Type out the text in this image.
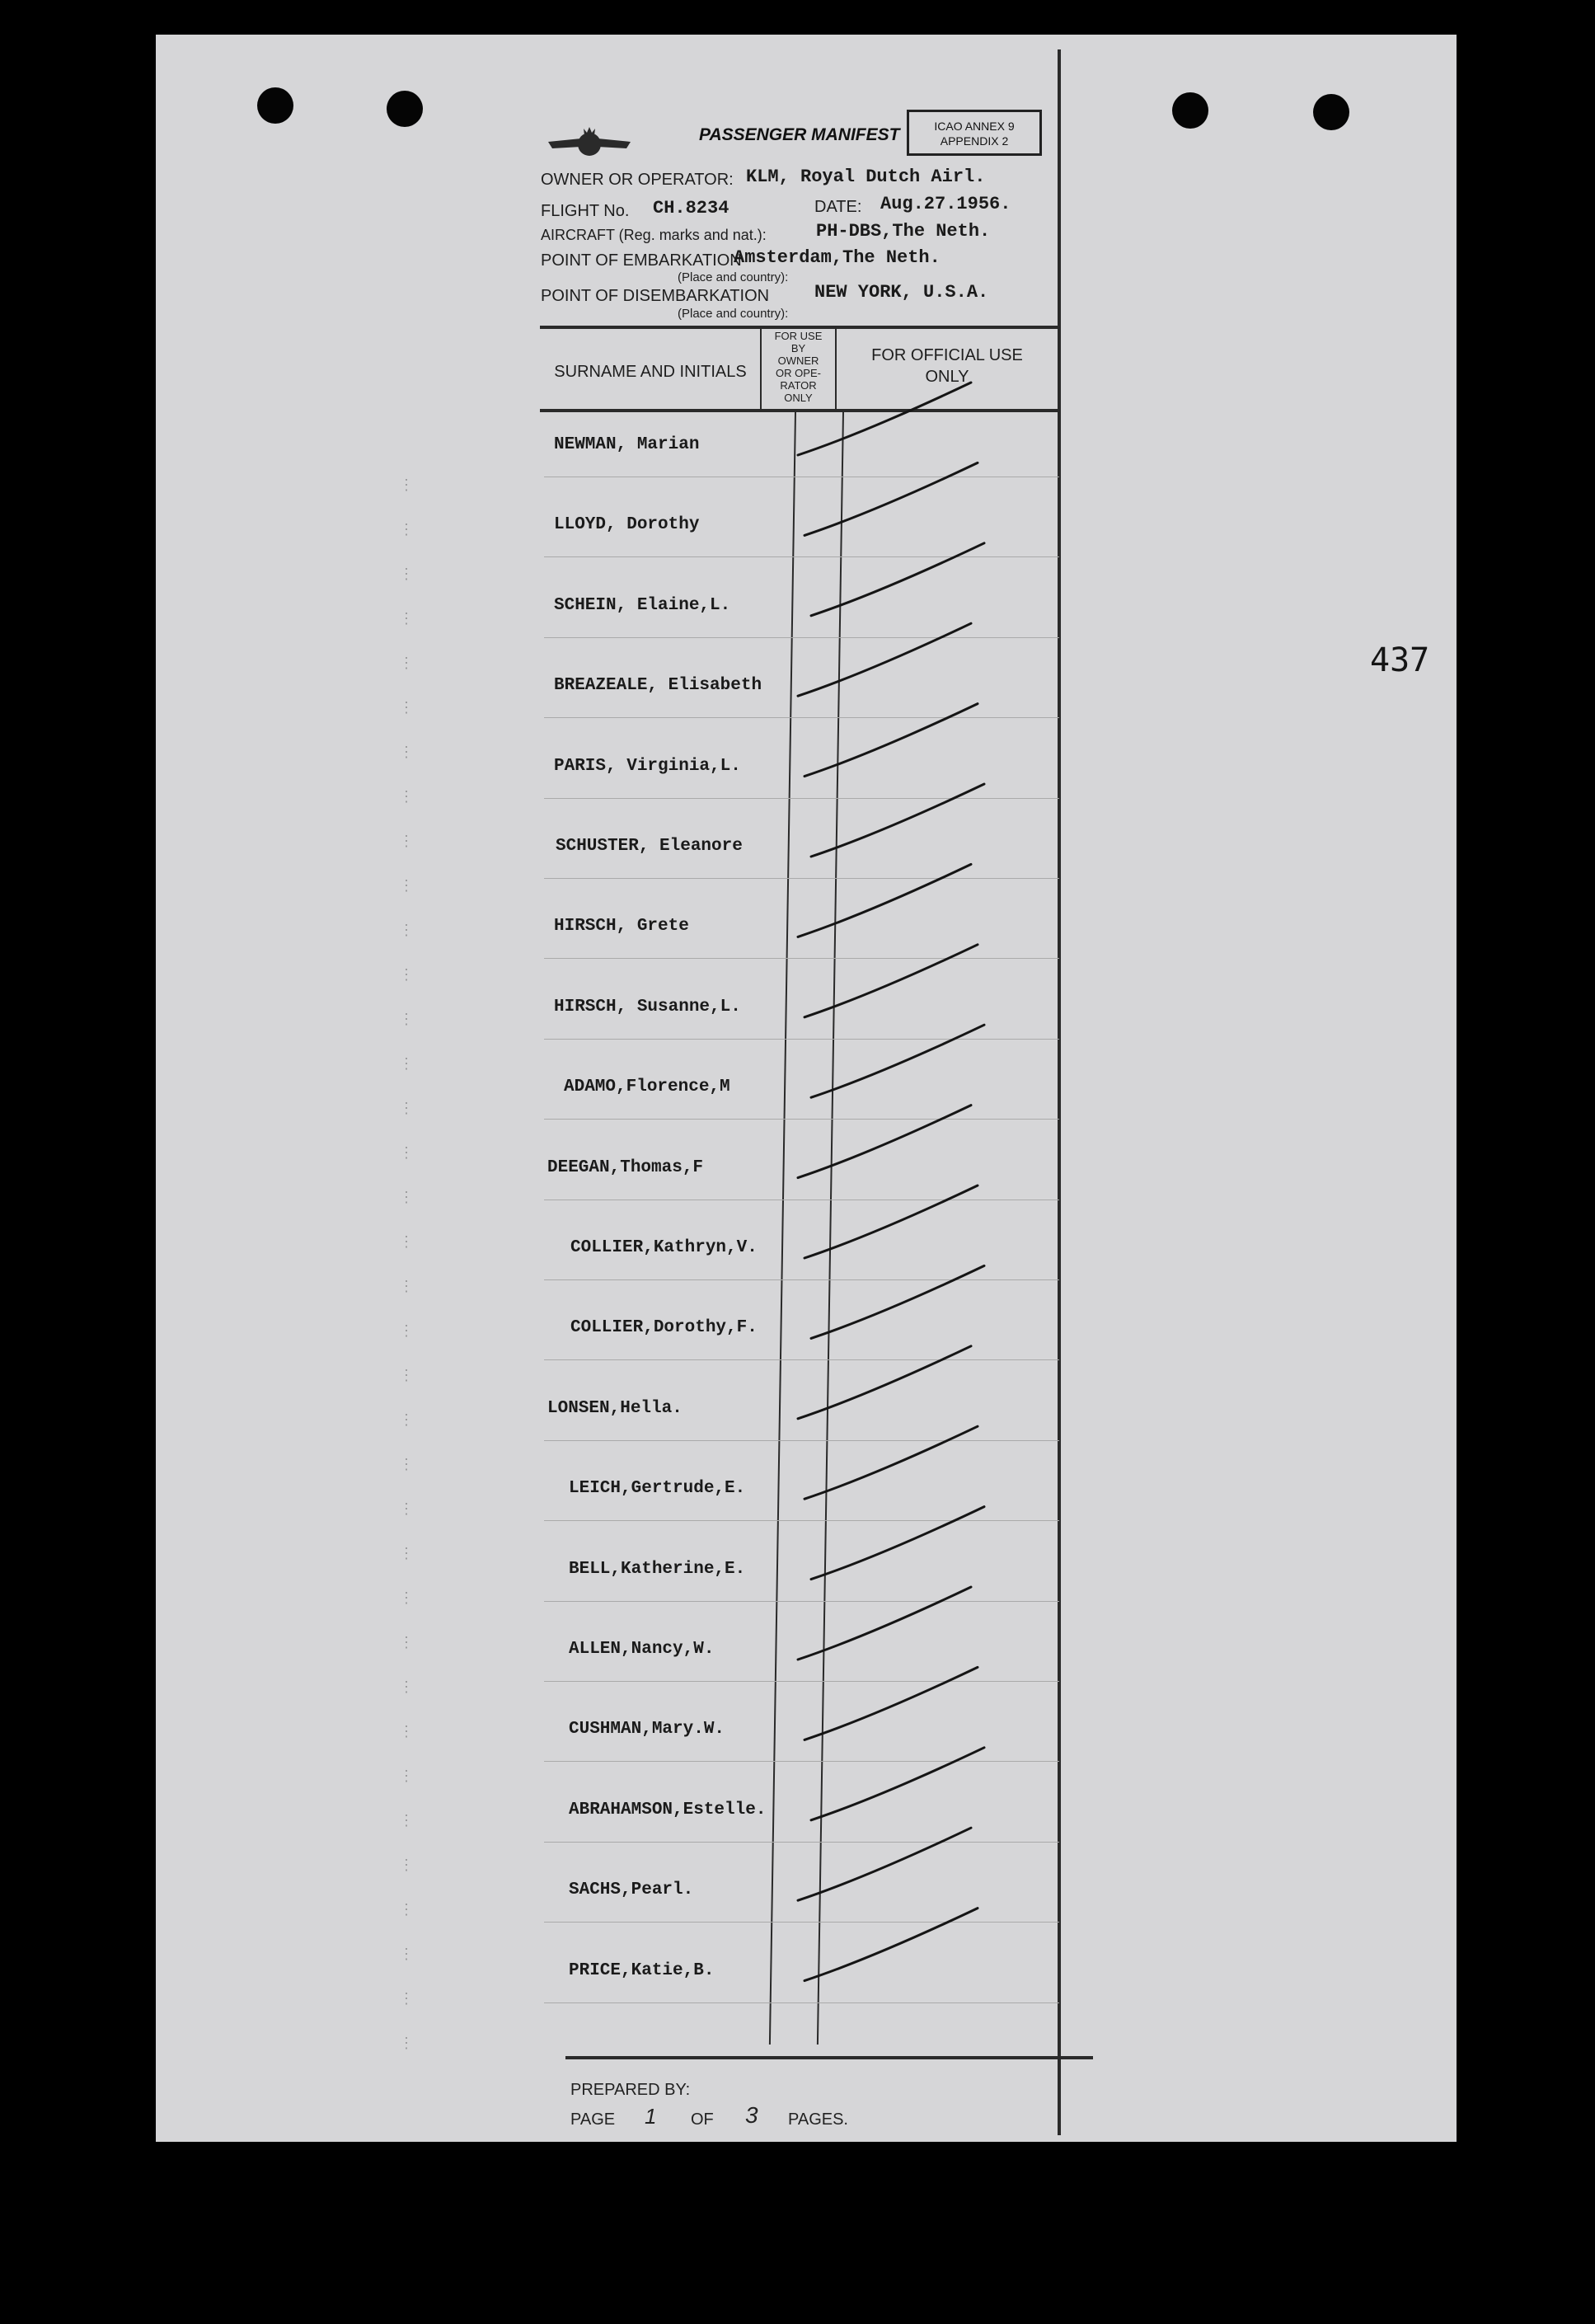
⋮
⋮
⋮
⋮
⋮
⋮
⋮
⋮
⋮
⋮
⋮
⋮
⋮
⋮
⋮
⋮
⋮
⋮
⋮
⋮
⋮
⋮
⋮
⋮
⋮
⋮
⋮
⋮
⋮
⋮
⋮
⋮
⋮
⋮
⋮
⋮
437
PASSENGER MANIFEST	ICAO ANNEX 9
APPENDIX 2
OWNER OR OPERATOR: KLM, Royal Dutch Airl.
FLIGHT No. CH.8234	DATE: Aug.27.1956.
AIRCRAFT (Reg. marks and nat.):	PH-DBS,The Neth.
POINT OF EMBARKATION
Amsterdam,The Neth.
(Place and country):
POINT OF DISEMBARKATION NEW YORK, U.S.A.
(Place and country):
SURNAME AND INITIALS
FOR USE
BY
OWNER
OR OPE-
RATOR
ONLY
FOR OFFICIAL USE
ONLY
NEWMAN, Marian
LLOYD, Dorothy
SCHEIN, Elaine,L.
BREAZEALE, Elisabeth
PARIS, Virginia,L.
SCHUSTER, Eleanore
HIRSCH, Grete
HIRSCH, Susanne,L.
ADAMO,Florence,M
DEEGAN,Thomas,F
COLLIER,Kathryn,V.
COLLIER,Dorothy,F.
LONSEN,Hella.
LEICH,Gertrude,E.
BELL,Katherine,E.
ALLEN,Nancy,W.
CUSHMAN,Mary.W.
ABRAHAMSON,Estelle.
SACHS,Pearl.
PRICE,Katie,B.
PREPARED BY:
PAGE 1 OF 3 PAGES.
